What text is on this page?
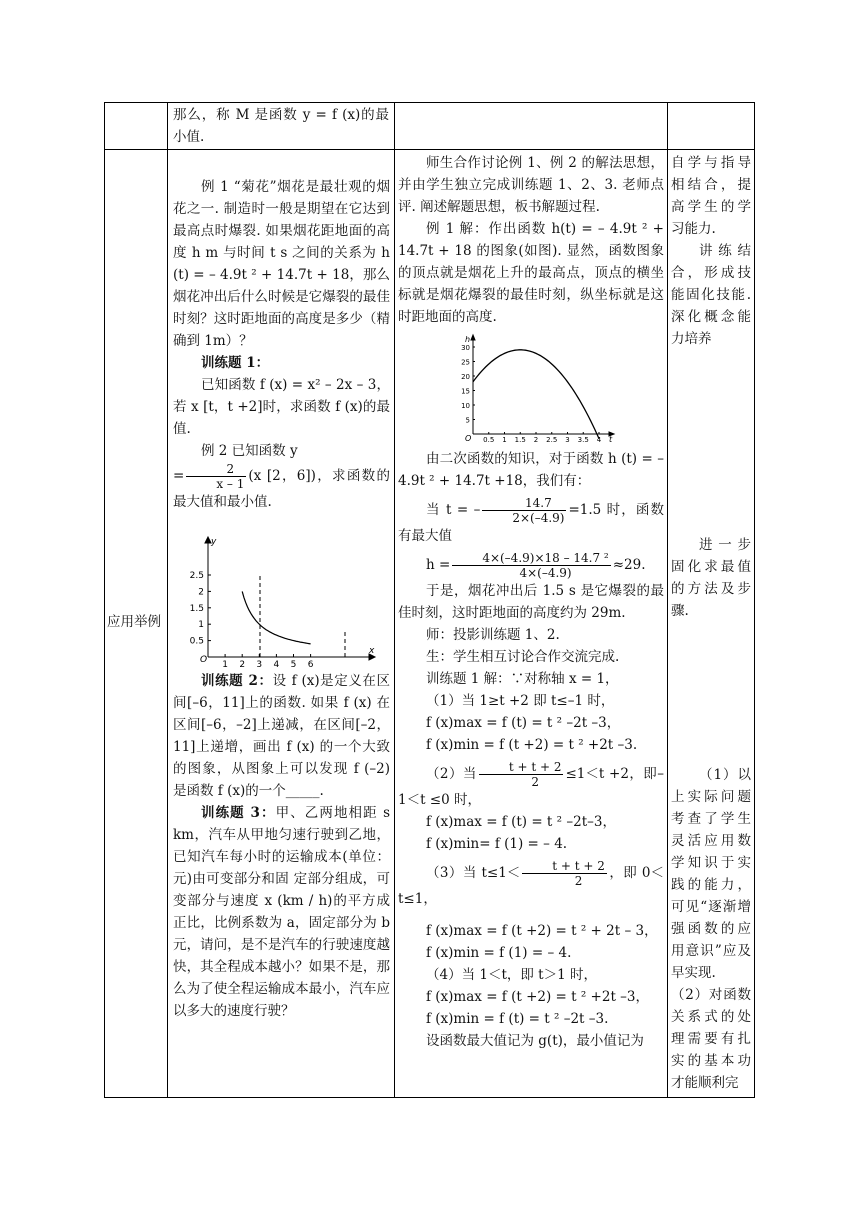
那么，称 M 是函数 y = f (x)的最小值.

应用举例

例 1 “菊花”烟花是最壮观的烟花之一. 制造时一般是期望在它达到最高点时爆裂. 如果烟花距地面的高度 h m 与时间 t s 之间的关系为 h (t) = – 4.9t ² + 14.7t + 18，那么烟花冲出后什么时候是它爆裂的最佳时刻？这时距地面的高度是多少（精确到 1m）？

训练题 1：

已知函数 f (x) = x² – 2x – 3，若 x [t，t +2]时，求函数 f (x)的最值.

例 2 已知函数 y
= $\frac{2}{x - 1} (x$ [2，6])，求函数的最大值和最小值.

1 2 3 4 5 6
2.5
2
1.5
1
0.5
O
x
y

训练题 2：设 f (x)是定义在区间[–6，11]上的函数. 如果 f (x) 在区间[–6，–2]上递减，在区间[–2，11]上递增，画出 f (x) 的一个大致的图象，从图象上可以发现 f (–2) 是函数 f (x)的一个_____.

训练题 3：甲、乙两地相距 s km，汽车从甲地匀速行驶到乙地，已知汽车每小时的运输成本(单位：元)由可变部分和固 定部分组成，可变部分与速度 x (km / h)的平方成正比，比例系数为 a，固定部分为 b 元，请问，是不是汽车的行驶速度越快，其全程成本越小？如果不是，那么为了使全程运输成本最小，汽车应以多大的速度行驶？

师生合作讨论例 1、例 2 的解法思想，并由学生独立完成训练题 1、2、3. 老师点评. 阐述解题思想，板书解题过程.

例 1 解：作出函数 h(t) = – 4.9t ² + 14.7t + 18 的图象(如图). 显然，函数图象的顶点就是烟花上升的最高点，顶点的横坐标就是烟花爆裂的最佳时刻，纵坐标就是这时距地面的高度.

0.5 1 1.5 2 2.5 3 3.5 4
30
25
20
15
10
5
O	t
h

由二次函数的知识，对于函数 h (t) = – 4.9t ² + 14.7t +18，我们有：

当 t = – $\frac{14.7}{2\times(-4.9)} =1.5$ 时，函数有最大值

$h = \frac{\text{4×(–4.9)×18 – 14.7 ²}}{4\times(-4.9)} \approx 29$.

于是，烟花冲出后 1.5 s 是它爆裂的最佳时刻，这时距地面的高度约为 29m.

师：投影训练题 1、2.

生：学生相互讨论合作交流完成.

训练题 1 解：∵对称轴 x = 1，

（1）当 1≥t +2 即 t≤–1 时，

f (x)max = f (t) = t ² –2t –3，

f (x)min = f (t +2) = t ² +2t –3.

（2）当 $\frac{t + t + 2}{2} \le 1<t +2$，即–1＜t ≤0 时，

f (x)max = f (t) = t ² –2t–3，

f (x)min= f (1) = – 4.

（3）当 $t\le 1< \frac{t + t + 2}{2}$ ，即 0＜t≤1，

f (x)max = f (t +2) = t ² + 2t – 3，

f (x)min = f (1) = – 4.

（4）当 1＜t，即 t＞1 时，

f (x)max = f (t +2) = t ² +2t –3，

f (x)min = f (t) = t ² –2t –3.

设函数最大值记为 g(t)，最小值记为

自学与指导相结合，提高学生的学习能力.

讲练结合，形成技能固化技能. 深化概念能力培养

进一步固化求最值的方法及步骤.

（1）以上实际问题考查了学生灵活应用数学知识于实践的能力，可见“逐渐增强函数的应用意识”应及早实现.

（2）对函数关系式的处理需要有扎实的基本功才能顺利完
